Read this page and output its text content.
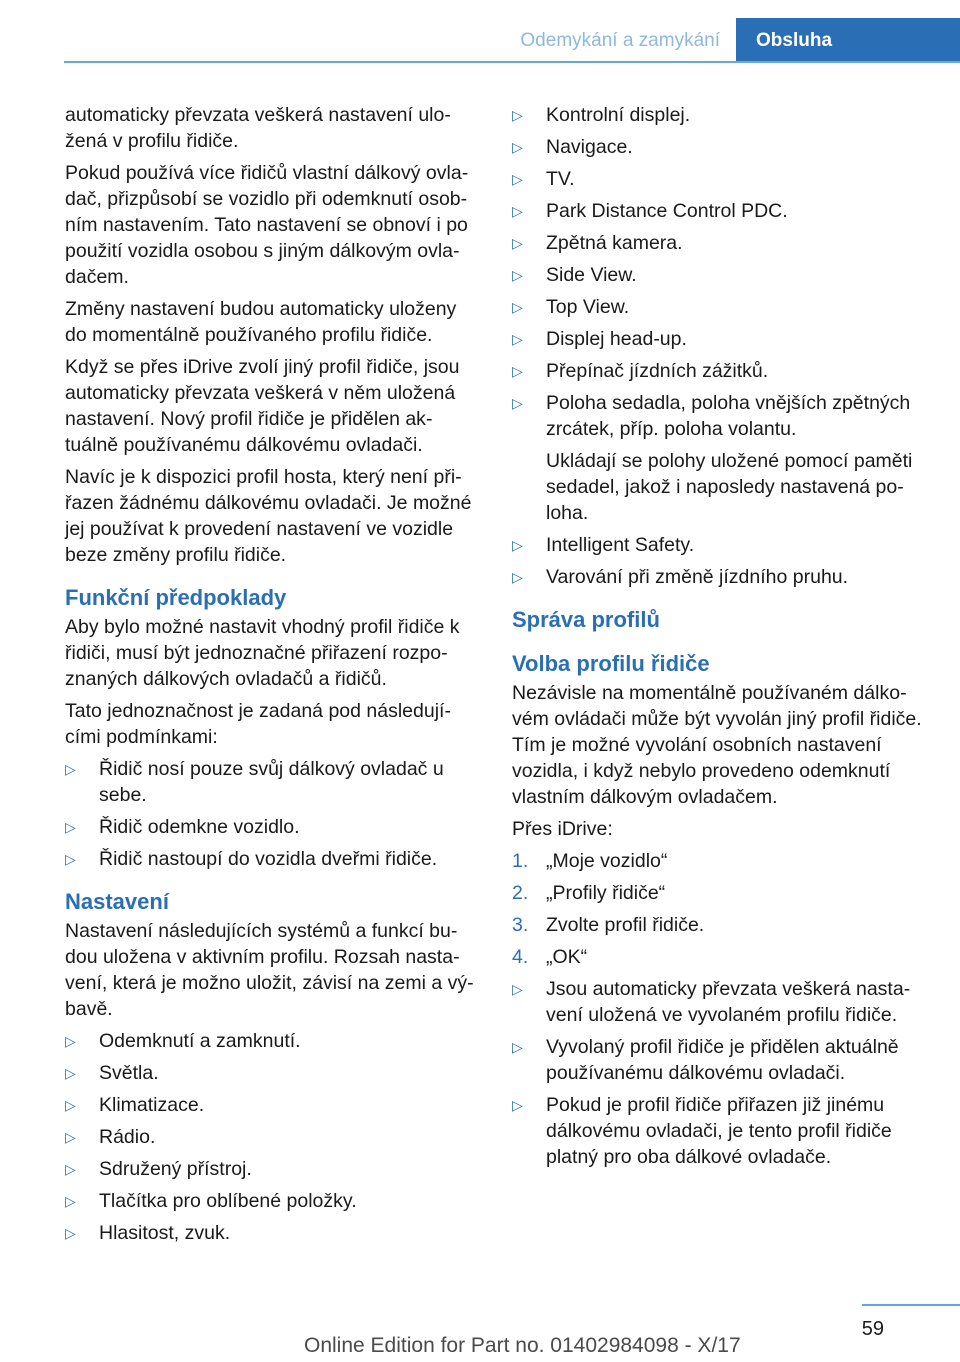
Odemykání a zamykání	Obsluha
automaticky převzata veškerá nastavení uložená v profilu řidiče.
Pokud používá více řidičů vlastní dálkový ovladač, přizpůsobí se vozidlo při odemknutí osobním nastavením. Tato nastavení se obnoví i po použití vozidla osobou s jiným dálkovým ovladačem.
Změny nastavení budou automaticky uloženy do momentálně používaného profilu řidiče.
Když se přes iDrive zvolí jiný profil řidiče, jsou automaticky převzata veškerá v něm uložená nastavení. Nový profil řidiče je přidělen aktuálně používanému dálkovému ovladači.
Navíc je k dispozici profil hosta, který není přiřazen žádnému dálkovému ovladači. Je možné jej používat k provedení nastavení ve vozidle beze změny profilu řidiče.
Funkční předpoklady
Aby bylo možné nastavit vhodný profil řidiče k řidiči, musí být jednoznačné přiřazení rozpoznaných dálkových ovladačů a řidičů.
Tato jednoznačnost je zadaná pod následujícími podmínkami:
▷ Řidič nosí pouze svůj dálkový ovladač u sebe.
▷ Řidič odemkne vozidlo.
▷ Řidič nastoupí do vozidla dveřmi řidiče.
Nastavení
Nastavení následujících systémů a funkcí budou uložena v aktivním profilu. Rozsah nastavení, která je možno uložit, závisí na zemi a výbavě.
▷ Odemknutí a zamknutí.
▷ Světla.
▷ Klimatizace.
▷ Rádio.
▷ Sdružený přístroj.
▷ Tlačítka pro oblíbené položky.
▷ Hlasitost, zvuk.
▷ Kontrolní displej.
▷ Navigace.
▷ TV.
▷ Park Distance Control PDC.
▷ Zpětná kamera.
▷ Side View.
▷ Top View.
▷ Displej head-up.
▷ Přepínač jízdních zážitků.
▷ Poloha sedadla, poloha vnějších zpětných zrcátek, příp. poloha volantu.
Ukládají se polohy uložené pomocí paměti sedadel, jakož i naposledy nastavená poloha.
▷ Intelligent Safety.
▷ Varování při změně jízdního pruhu.
Správa profilů
Volba profilu řidiče
Nezávisle na momentálně používaném dálkovém ovládači může být vyvolán jiný profil řidiče. Tím je možné vyvolání osobních nastavení vozidla, i když nebylo provedeno odemknutí vlastním dálkovým ovladačem.
Přes iDrive:
1. „Moje vozidlo“
2. „Profily řidiče“
3. Zvolte profil řidiče.
4. „OK“
▷ Jsou automaticky převzata veškerá nastavení uložená ve vyvolaném profilu řidiče.
▷ Vyvolaný profil řidiče je přidělen aktuálně používanému dálkovému ovladači.
▷ Pokud je profil řidiče přiřazen již jinému dálkovému ovladači, je tento profil řidiče platný pro oba dálkové ovladače.
59
Online Edition for Part no. 01402984098 - X/17
